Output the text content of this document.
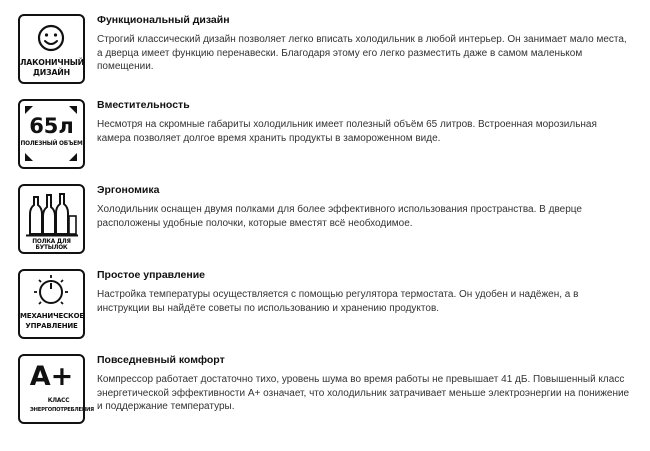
ЛАКОНИЧНЫЙ
ДИЗАЙН
Функциональный дизайн
Строгий классический дизайн позволяет легко вписать холодильник в любой интерьер. Он занимает мало места, а дверца имеет функцию перенавески. Благодаря этому его легко разместить даже в самом маленьком помещении.
65л
ПОЛЕЗНЫЙ ОБЪЕМ
Вместительность
Несмотря на скромные габариты холодильник имеет полезный объём 65 литров. Встроенная морозильная камера позволяет долгое время хранить продукты в замороженном виде.
ПОЛКА ДЛЯ БУТЫЛОК
Эргономика
Холодильник оснащен двумя полками для более эффективного использования пространства. В дверце расположены удобные полочки, которые вместят всё необходимое.
МЕХАНИЧЕСКОЕ
УПРАВЛЕНИЕ
Простое управление
Настройка температуры осуществляется с помощью регулятора термостата. Он удобен и надёжен, а в инструкции вы найдёте советы по использованию и хранению продуктов.
A+
КЛАСС
ЭНЕРГОПОТРЕБЛЕНИЯ
Повседневный комфорт
Компрессор работает достаточно тихо, уровень шума во время работы не превышает 41 дБ. Повышенный класс энергетической эффективности A+ означает, что холодильник затрачивает меньше электроэнергии на понижение и поддержание температуры.
